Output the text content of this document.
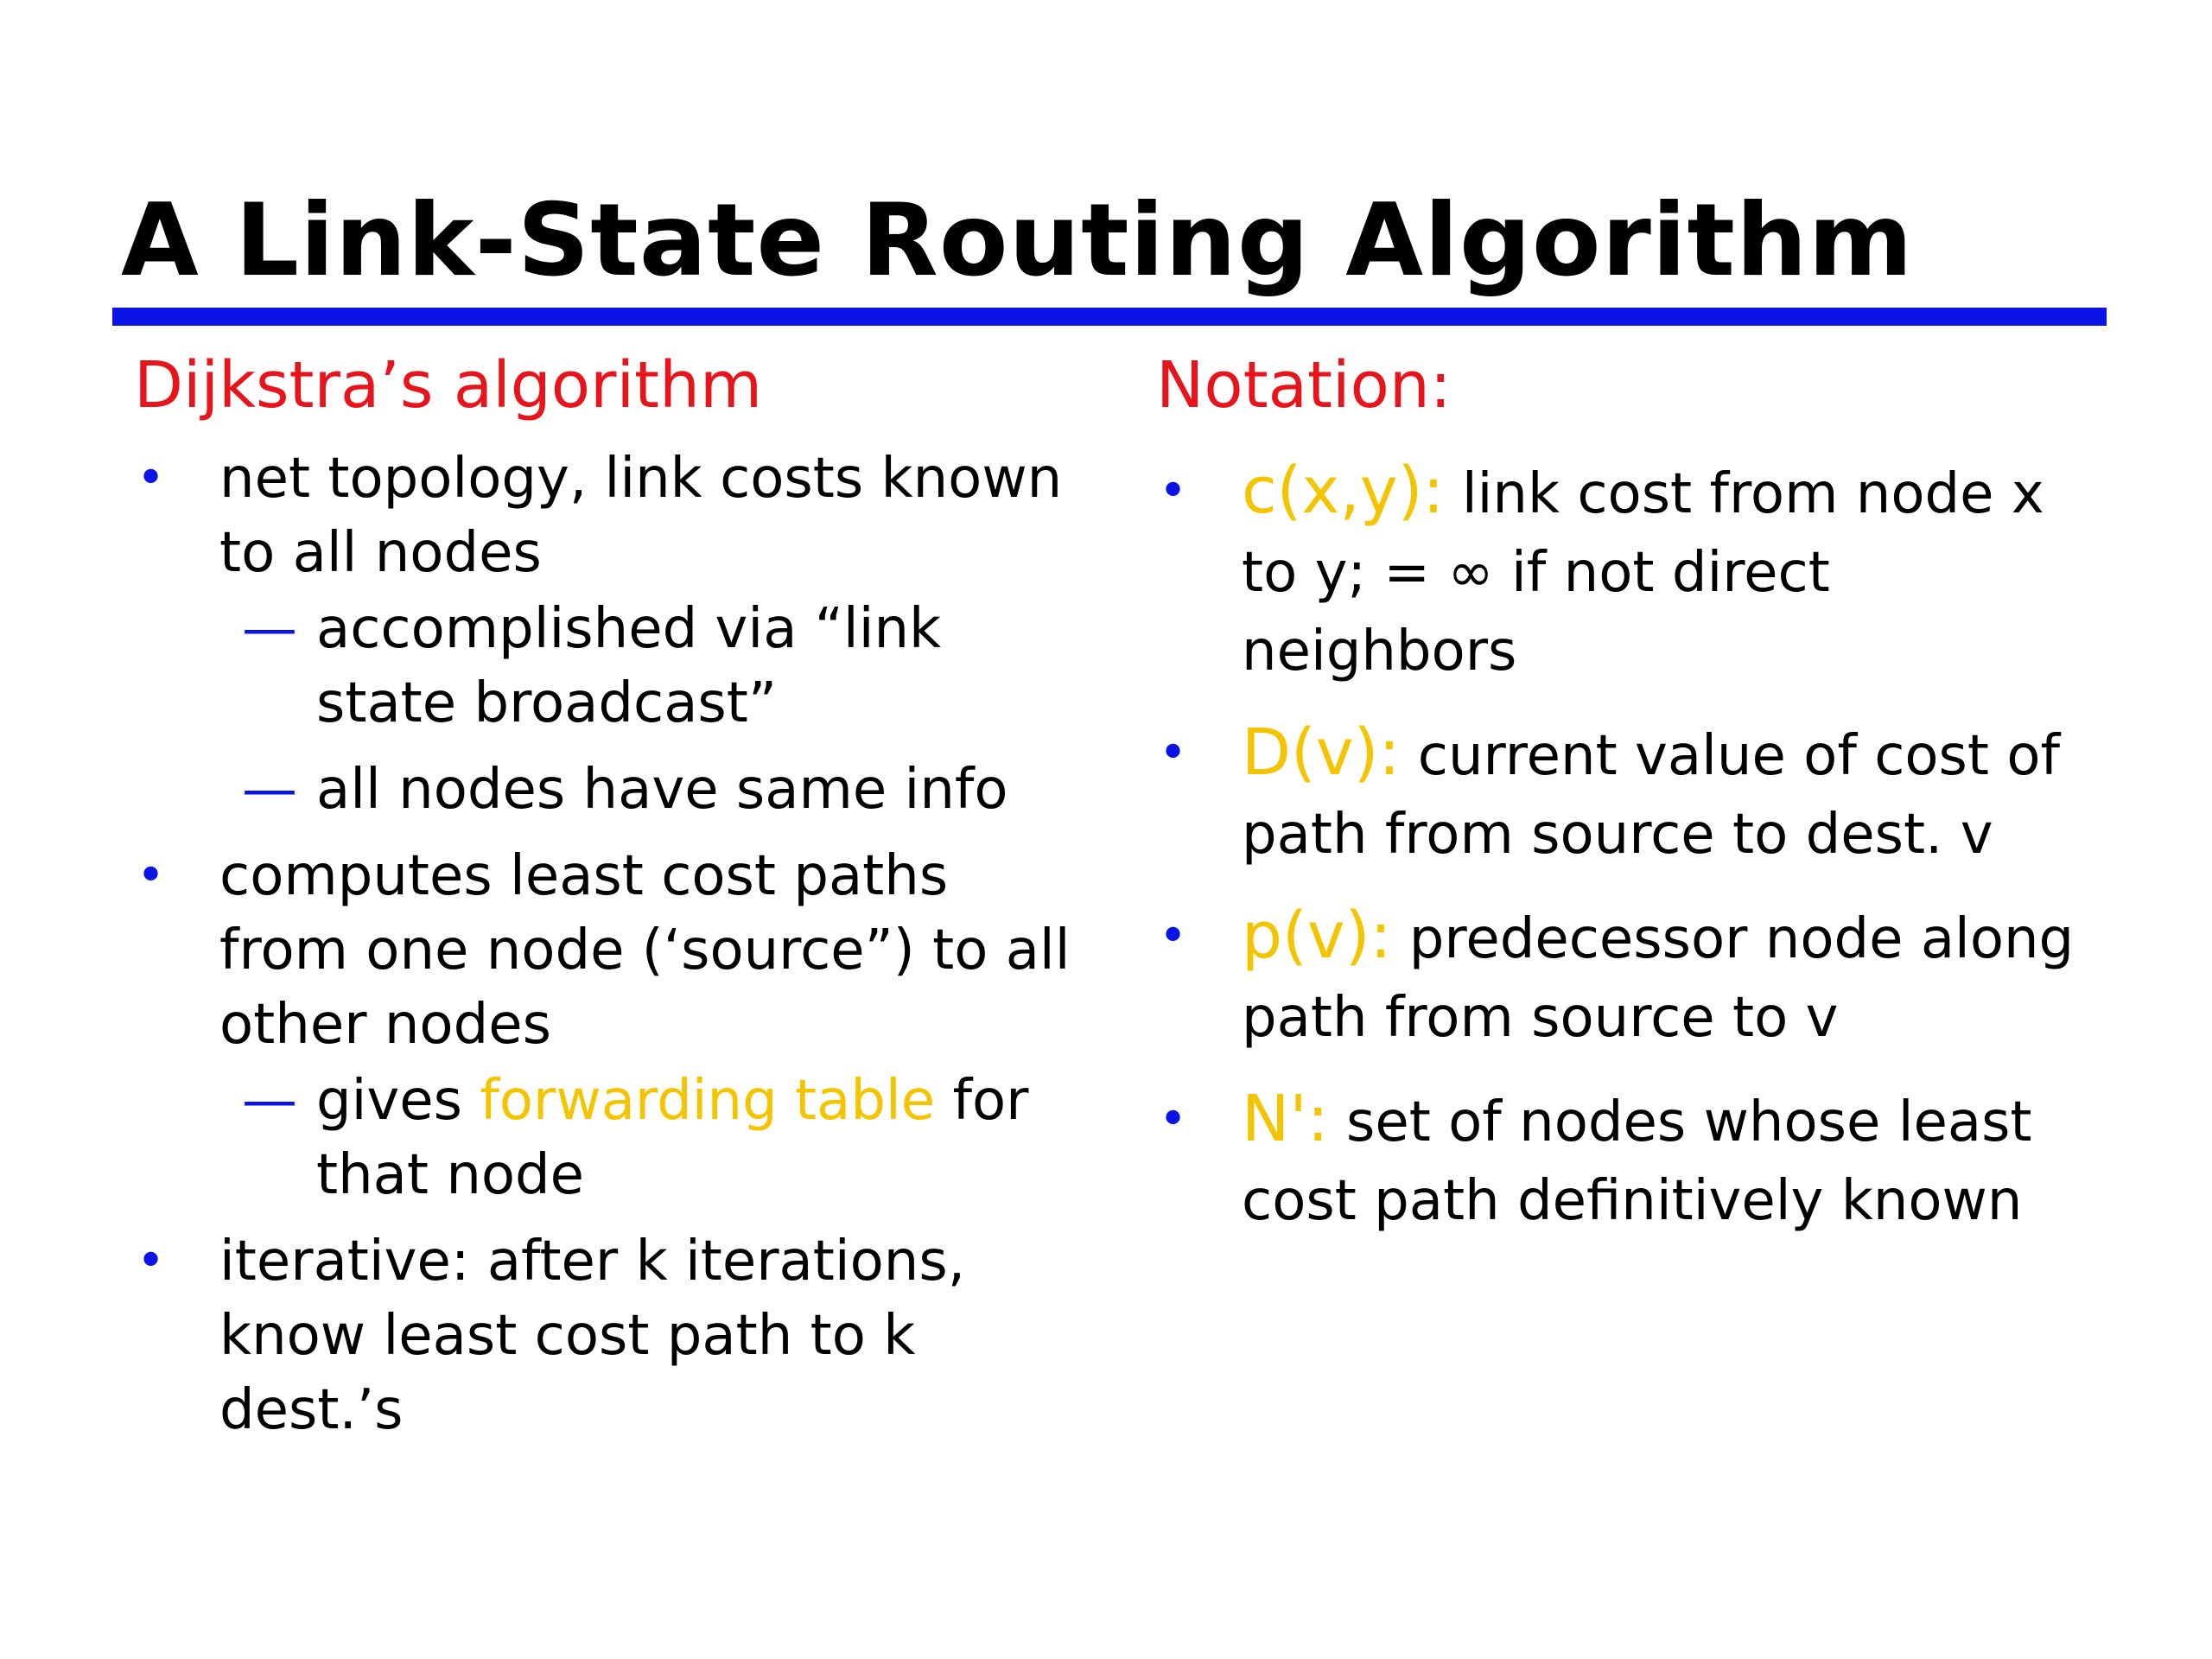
A Link-State Routing Algorithm
Dijkstra’s algorithm
• net topology, link costs known to all nodes
— accomplished via “link state broadcast”
— all nodes have same info
• computes least cost paths from one node (‘source”) to all other nodes
— gives forwarding table for that node
• iterative: after k iterations, know least cost path to k dest.’s
Notation:
• c(x,y): link cost from node x to y; = ∞ if not direct neighbors
• D(v): current value of cost of path from source to dest. v
• p(v): predecessor node along path from source to v
• N': set of nodes whose least cost path definitively known
